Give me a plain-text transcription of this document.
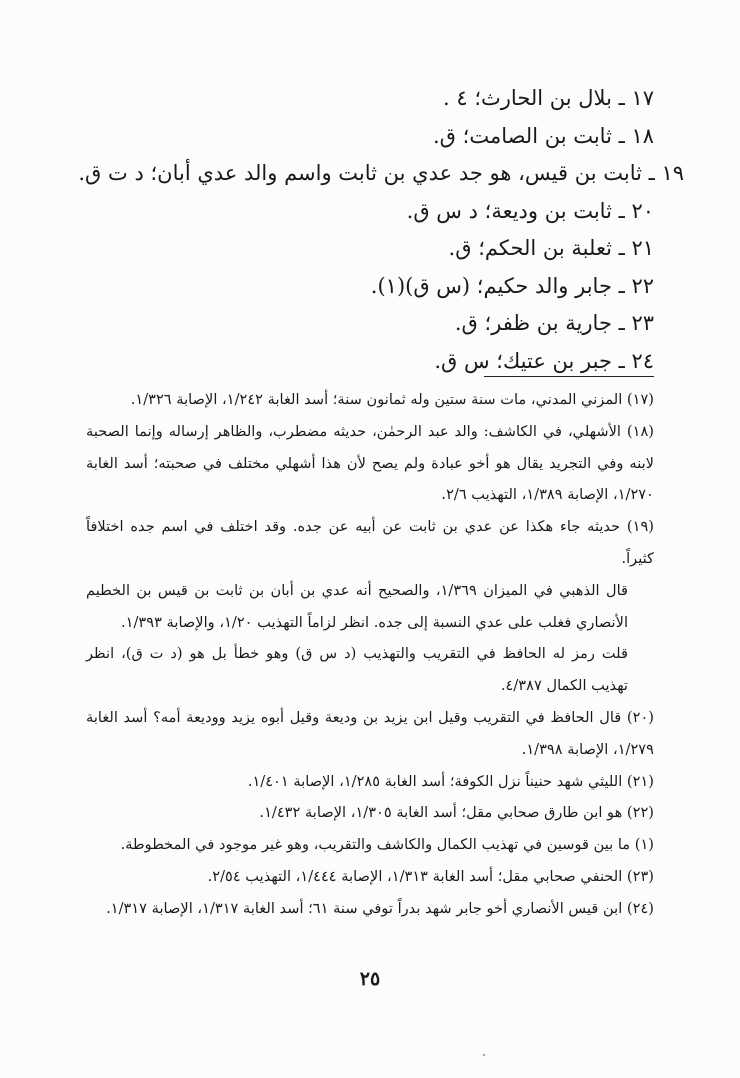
١٧ ـ بلال بن الحارث؛ ٤ .
١٨ ـ ثابت بن الصامت؛ ق.
١٩ ـ ثابت بن قيس، هو جد عدي بن ثابت واسم والد عدي أبان؛ د ت ق.
٢٠ ـ ثابت بن وديعة؛ د س ق.
٢١ ـ ثعلبة بن الحكم؛ ق.
٢٢ ـ جابر والد حكيم؛ (س ق)(١).
٢٣ ـ جارية بن ظفر؛ ق.
٢٤ ـ جبر بن عتيك؛ س ق.

(١٧) المزني المدني، مات سنة ستين وله ثمانون سنة؛ أسد الغابة ١/٢٤٢، الإصابة ١/٣٢٦.

(١٨) الأشهلي، في الكاشف: والد عبد الرحمٰن، حديثه مضطرب، والظاهر إرساله وإنما الصحبة لابنه وفي التجريد يقال هو أخو عبادة ولم يصح لأن هذا أشهلي مختلف في صحبته؛ أسد الغابة ١/٢٧٠، الإصابة ١/٣٨٩، التهذيب ٢/٦.

(١٩) حديثه جاء هكذا عن عدي بن ثابت عن أبيه عن جده. وقد اختلف في اسم جده اختلافاً كثيراً.

قال الذهبي في الميزان ١/٣٦٩، والصحيح أنه عدي بن أبان بن ثابت بن قيس بن الخطيم الأنصاري فغلب على عدي النسبة إلى جده. انظر لزاماً التهذيب ١/٢٠، والإصابة ١/٣٩٣.

قلت رمز له الحافظ في التقريب والتهذيب (د س ق) وهو خطأ بل هو (د ت ق)، انظر تهذيب الكمال ٤/٣٨٧.

(٢٠) قال الحافظ في التقريب وقيل ابن يزيد بن وديعة وقيل أبوه يزيد ووديعة أمه؟ أسد الغابة ١/٢٧٩، الإصابة ١/٣٩٨.

(٢١) الليثي شهد حنيناً نزل الكوفة؛ أسد الغابة ١/٢٨٥، الإصابة ١/٤٠١.

(٢٢) هو ابن طارق صحابي مقل؛ أسد الغابة ١/٣٠٥، الإصابة ١/٤٣٢.

(١) ما بين قوسين في تهذيب الكمال والكاشف والتقريب، وهو غير موجود في المخطوطة.

(٢٣) الحنفي صحابي مقل؛ أسد الغابة ١/٣١٣، الإصابة ١/٤٤٤، التهذيب ٢/٥٤.

(٢٤) ابن قيس الأنصاري أخو جابر شهد بدراً توفي سنة ٦١؛ أسد الغابة ١/٣١٧، الإصابة ١/٣١٧.

٢٥
